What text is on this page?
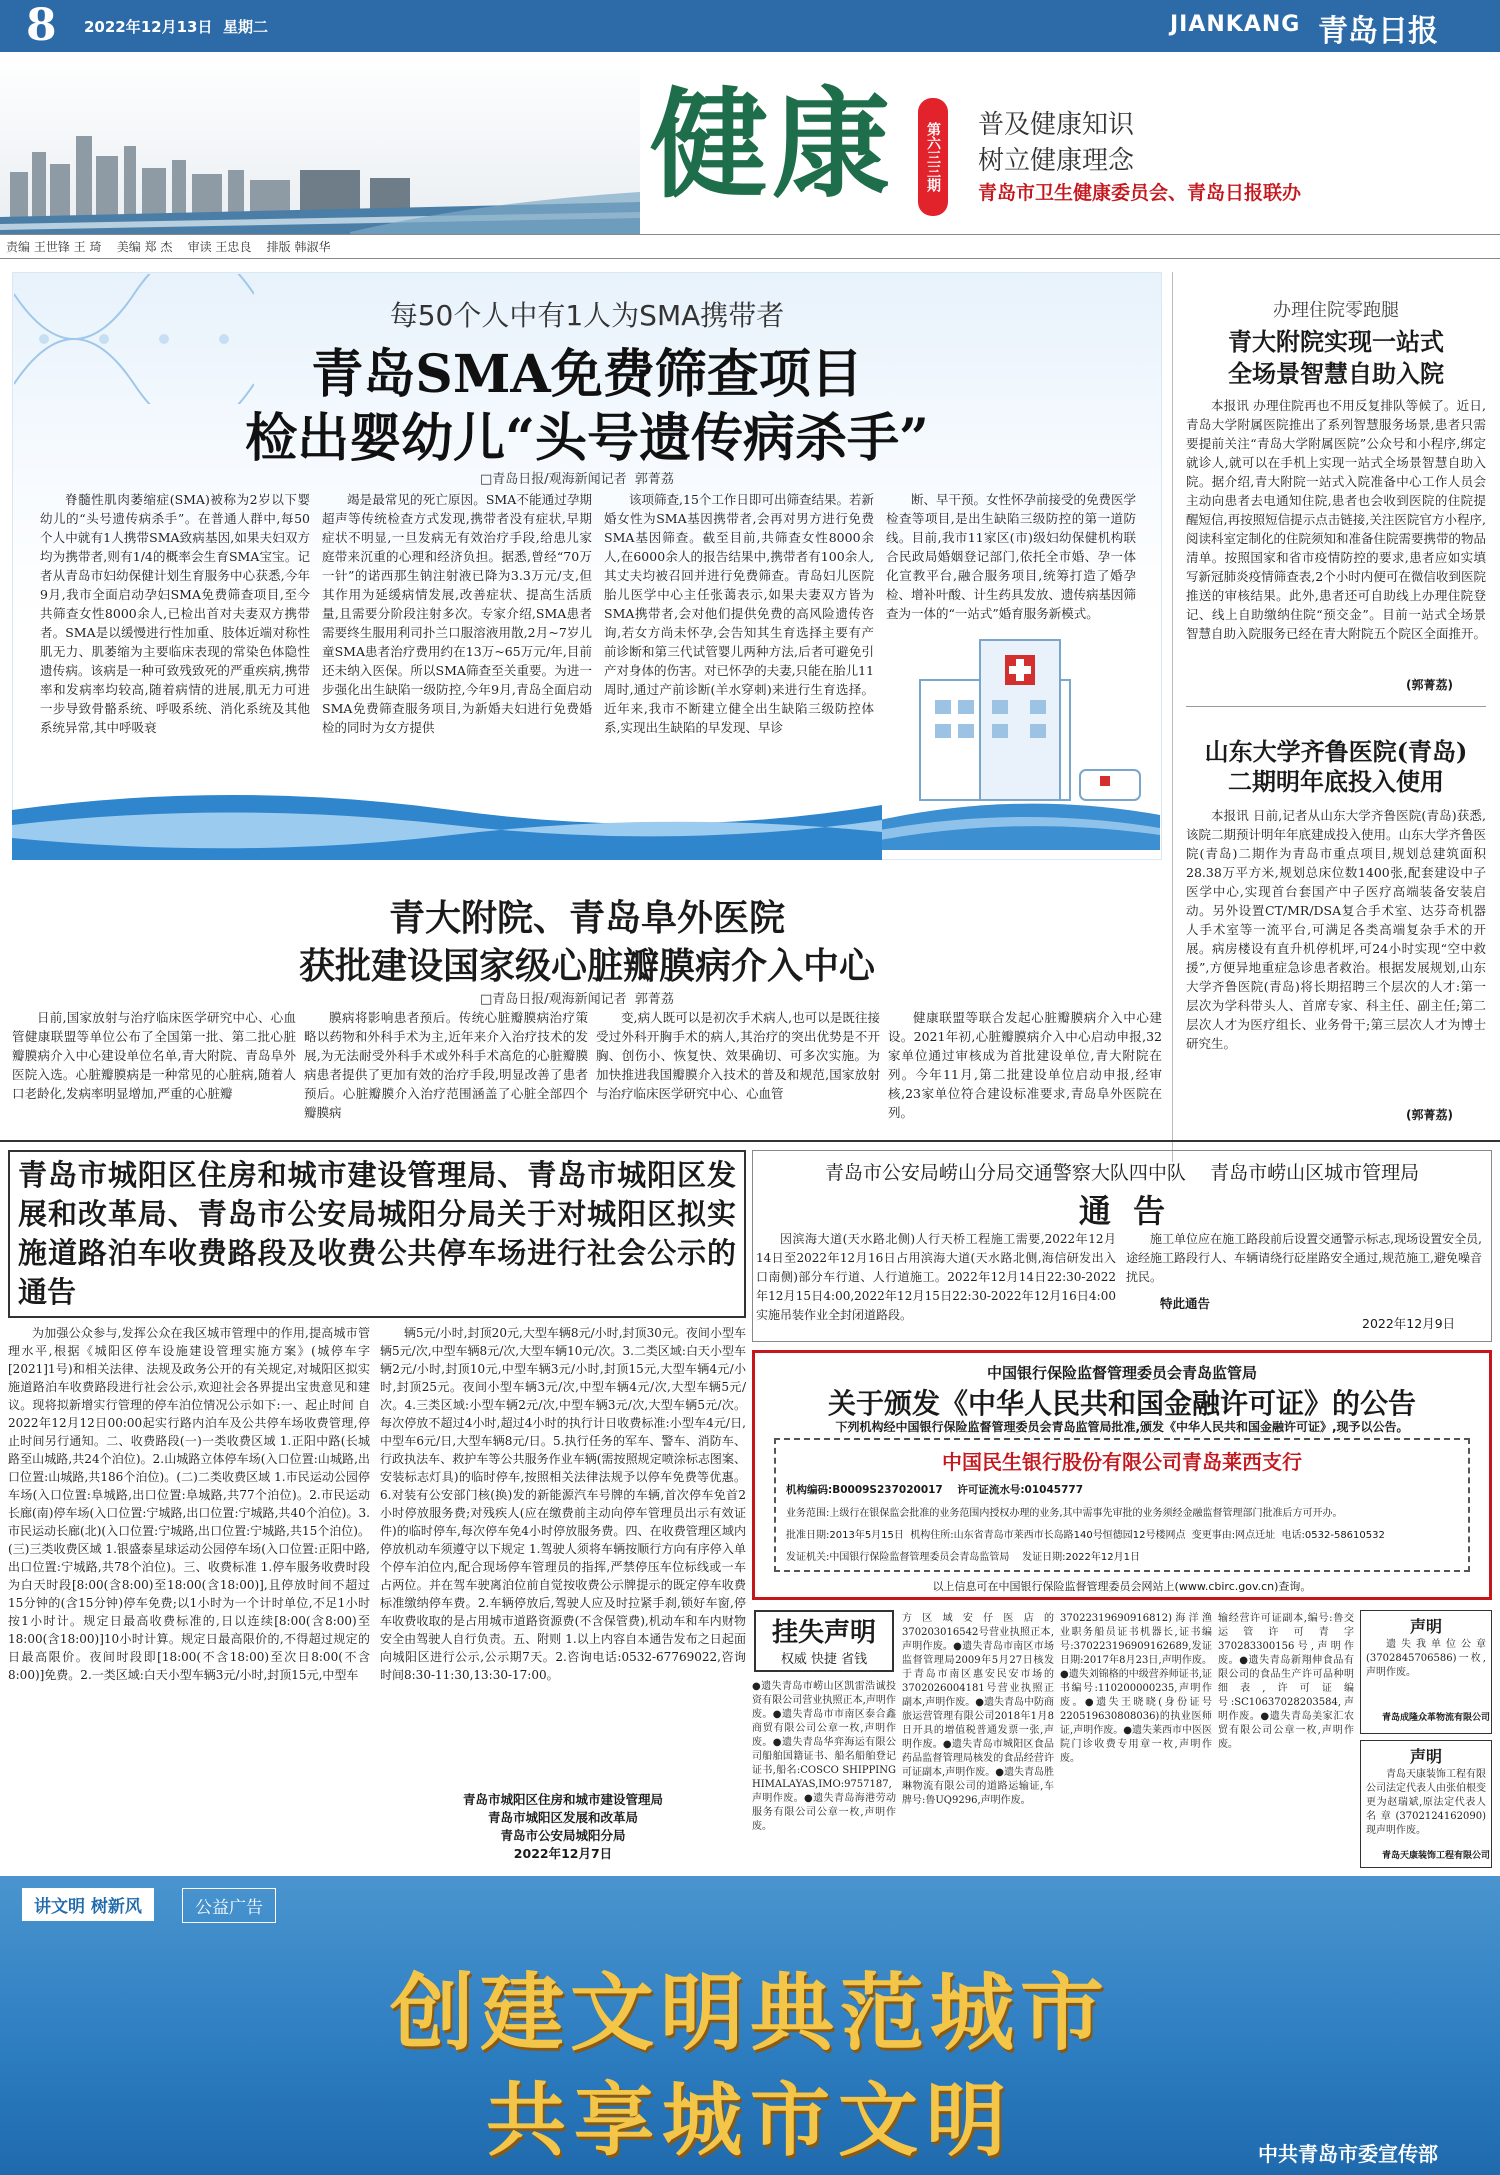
8 2022年12月13日  星期二	JIANKANG 青岛日报
健康	第六三三期 普及健康知识
树立健康理念
青岛市卫生健康委员会、青岛日报联办
责编 王世锋 王 琦    美编 郑 杰    审读 王忠良    排版 韩淑华
每50个人中有1人为SMA携带者
青岛SMA免费筛查项目
检出婴幼儿“头号遗传病杀手”
□青岛日报/观海新闻记者  郭菁荔

脊髓性肌肉萎缩症(SMA)被称为2岁以下婴幼儿的“头号遗传病杀手”。在普通人群中,每50个人中就有1人携带SMA致病基因,如果夫妇双方均为携带者,则有1/4的概率会生育SMA宝宝。记者从青岛市妇幼保健计划生育服务中心获悉,今年9月,我市全面启动孕妇SMA免费筛查项目,至今共筛查女性8000余人,已检出首对夫妻双方携带者。SMA是以缓慢进行性加重、肢体近端对称性肌无力、肌萎缩为主要临床表现的常染色体隐性遗传病。该病是一种可致残致死的严重疾病,携带率和发病率均较高,随着病情的进展,肌无力可进一步导致骨骼系统、呼吸系统、消化系统及其他系统异常,其中呼吸衰

竭是最常见的死亡原因。SMA不能通过孕期超声等传统检查方式发现,携带者没有症状,早期症状不明显,一旦发病无有效治疗手段,给患儿家庭带来沉重的心理和经济负担。据悉,曾经“70万一针”的诺西那生钠注射液已降为3.3万元/支,但其作用为延缓病情发展,改善症状、提高生活质量,且需要分阶段注射多次。专家介绍,SMA患者需要终生服用利司扑兰口服溶液用散,2月~7岁儿童SMA患者治疗费用约在13万~65万元/年,目前还未纳入医保。所以SMA筛查至关重要。为进一步强化出生缺陷一级防控,今年9月,青岛全面启动SMA免费筛查服务项目,为新婚夫妇进行免费婚检的同时为女方提供

该项筛查,15个工作日即可出筛查结果。若新婚女性为SMA基因携带者,会再对男方进行免费SMA基因筛查。截至目前,共筛查女性8000余人,在6000余人的报告结果中,携带者有100余人,其丈夫均被召回并进行免费筛查。青岛妇儿医院胎儿医学中心主任张蔼表示,如果夫妻双方皆为SMA携带者,会对他们提供免费的高风险遗传咨询,若女方尚未怀孕,会告知其生育选择主要有产前诊断和第三代试管婴儿两种方法,后者可避免引产对身体的伤害。对已怀孕的夫妻,只能在胎儿11周时,通过产前诊断(羊水穿刺)来进行生育选择。近年来,我市不断建立健全出生缺陷三级防控体系,实现出生缺陷的早发现、早诊

断、早干预。女性怀孕前接受的免费医学检查等项目,是出生缺陷三级防控的第一道防线。目前,我市11家区(市)级妇幼保健机构联合民政局婚姻登记部门,依托全市婚、孕一体化宣教平台,融合服务项目,统筹打造了婚孕检、增补叶酸、计生药具发放、遗传病基因筛查为一体的“一站式”婚育服务新模式。

青大附院、青岛阜外医院
获批建设国家级心脏瓣膜病介入中心
□青岛日报/观海新闻记者  郭菁荔

日前,国家放射与治疗临床医学研究中心、心血管健康联盟等单位公布了全国第一批、第二批心脏瓣膜病介入中心建设单位名单,青大附院、青岛阜外医院入选。心脏瓣膜病是一种常见的心脏病,随着人口老龄化,发病率明显增加,严重的心脏瓣

膜病将影响患者预后。传统心脏瓣膜病治疗策略以药物和外科手术为主,近年来介入治疗技术的发展,为无法耐受外科手术或外科手术高危的心脏瓣膜病患者提供了更加有效的治疗手段,明显改善了患者预后。心脏瓣膜介入治疗范围涵盖了心脏全部四个瓣膜病

变,病人既可以是初次手术病人,也可以是既往接受过外科开胸手术的病人,其治疗的突出优势是不开胸、创伤小、恢复快、效果确切、可多次实施。为加快推进我国瓣膜介入技术的普及和规范,国家放射与治疗临床医学研究中心、心血管

健康联盟等联合发起心脏瓣膜病介入中心建设。2021年初,心脏瓣膜病介入中心启动申报,32家单位通过审核成为首批建设单位,青大附院在列。今年11月,第二批建设单位启动申报,经审核,23家单位符合建设标准要求,青岛阜外医院在列。

办理住院零跑腿
青大附院实现一站式
全场景智慧自助入院

本报讯 办理住院再也不用反复排队等候了。近日,青岛大学附属医院推出了系列智慧服务场景,患者只需要提前关注“青岛大学附属医院”公众号和小程序,绑定就诊人,就可以在手机上实现一站式全场景智慧自助入院。据介绍,青大附院一站式入院准备中心工作人员会主动向患者去电通知住院,患者也会收到医院的住院提醒短信,再按照短信提示点击链接,关注医院官方小程序,阅读科室定制化的住院须知和准备住院需要携带的物品清单。按照国家和省市疫情防控的要求,患者应如实填写新冠肺炎疫情筛查表,2个小时内便可在微信收到医院推送的审核结果。此外,患者还可自助线上办理住院登记、线上自助缴纳住院“预交金”。目前一站式全场景智慧自助入院服务已经在青大附院五个院区全面推开。

(郭菁荔)
山东大学齐鲁医院(青岛)
二期明年底投入使用

本报讯 日前,记者从山东大学齐鲁医院(青岛)获悉,该院二期预计明年年底建成投入使用。山东大学齐鲁医院(青岛)二期作为青岛市重点项目,规划总建筑面积28.38万平方米,规划总床位数1400张,配套建设中子医学中心,实现首台套国产中子医疗高端装备安装启动。另外设置CT/MR/DSA复合手术室、达芬奇机器人手术室等一流平台,可满足各类高端复杂手术的开展。病房楼设有直升机停机坪,可24小时实现“空中救援”,方便异地重症急诊患者救治。根据发展规划,山东大学齐鲁医院(青岛)将长期招聘三个层次的人才:第一层次为学科带头人、首席专家、科主任、副主任;第二层次人才为医疗组长、业务骨干;第三层次人才为博士研究生。

(郭菁荔)
青岛市城阳区住房和城市建设管理局、青岛市城阳区发展和改革局、青岛市公安局城阳分局关于对城阳区拟实施道路泊车收费路段及收费公共停车场进行社会公示的通告

为加强公众参与,发挥公众在我区城市管理中的作用,提高城市管理水平,根据《城阳区停车设施建设管理实施方案》(城停车字[2021]1号)和相关法律、法规及政务公开的有关规定,对城阳区拟实施道路泊车收费路段进行社会公示,欢迎社会各界提出宝贵意见和建议。现将拟新增实行管理的停车泊位情况公示如下:一、起止时间 自2022年12月12日00:00起实行路内泊车及公共停车场收费管理,停止时间另行通知。二、收费路段(一)一类收费区域 1.正阳中路(长城路至山城路,共24个泊位)。2.山城路立体停车场(入口位置:山城路,出口位置:山城路,共186个泊位)。(二)二类收费区域 1.市民运动公园停车场(入口位置:阜城路,出口位置:阜城路,共77个泊位)。2.市民运动长廊(南)停车场(入口位置:宁城路,出口位置:宁城路,共40个泊位)。3.市民运动长廊(北)(入口位置:宁城路,出口位置:宁城路,共15个泊位)。(三)三类收费区域 1.银盛泰星球运动公园停车场(入口位置:正阳中路,出口位置:宁城路,共78个泊位)。三、收费标准 1.停车服务收费时段为白天时段[8:00(含8:00)至18:00(含18:00)],且停放时间不超过15分钟的(含15分钟)停车免费;以1小时为一个计时单位,不足1小时按1小时计。规定日最高收费标准的,日以连续[8:00(含8:00)至18:00(含18:00)]10小时计算。规定日最高限价的,不得超过规定的日最高限价。夜间时段即[18:00(不含18:00)至次日8:00(不含8:00)]免费。2.一类区域:白天小型车辆3元/小时,封顶15元,中型车

辆5元/小时,封顶20元,大型车辆8元/小时,封顶30元。夜间小型车辆5元/次,中型车辆8元/次,大型车辆10元/次。3.二类区域:白天小型车辆2元/小时,封顶10元,中型车辆3元/小时,封顶15元,大型车辆4元/小时,封顶25元。夜间小型车辆3元/次,中型车辆4元/次,大型车辆5元/次。4.三类区域:小型车辆2元/次,中型车辆3元/次,大型车辆5元/次。每次停放不超过4小时,超过4小时的执行计日收费标准:小型车4元/日,中型车6元/日,大型车辆8元/日。5.执行任务的军车、警车、消防车、行政执法车、救护车等公共服务作业车辆(需按照规定喷涂标志图案、安装标志灯具)的临时停车,按照相关法律法规予以停车免费等优惠。6.对装有公安部门核(换)发的新能源汽车号牌的车辆,首次停车免首2小时停放服务费;对残疾人(应在缴费前主动向停车管理员出示有效证件)的临时停车,每次停车免4小时停放服务费。四、在收费管理区域内停放机动车须遵守以下规定 1.驾驶人须将车辆按顺行方向有序停入单个停车泊位内,配合现场停车管理员的指挥,严禁停压车位标线或一车占两位。并在驾车驶离泊位前自觉按收费公示牌提示的既定停车收费标准缴纳停车费。2.车辆停放后,驾驶人应及时拉紧手刹,锁好车窗,停车收费收取的是占用城市道路资源费(不含保管费),机动车和车内财物安全由驾驶人自行负责。五、附则 1.以上内容自本通告发布之日起面向城阳区进行公示,公示期7天。2.咨询电话:0532-67769022,咨询时间8:30-11:30,13:30-17:00。

青岛市城阳区住房和城市建设管理局
青岛市城阳区发展和改革局
青岛市公安局城阳分局
2022年12月7日
青岛市公安局崂山分局交通警察大队四中队    青岛市崂山区城市管理局
通  告

因滨海大道(天水路北侧)人行天桥工程施工需要,2022年12月14日至2022年12月16日占用滨海大道(天水路北侧,海信研发出入口南侧)部分车行道、人行道施工。2022年12月14日22:30-2022年12月15日4:00,2022年12月15日22:30-2022年12月16日4:00实施吊装作业全封闭道路段。

施工单位应在施工路段前后设置交通警示标志,现场设置安全员,途经施工路段行人、车辆请绕行砭崖路安全通过,规范施工,避免噪音扰民。

特此通告
2022年12月9日
中国银行保险监督管理委员会青岛监管局
关于颁发《中华人民共和国金融许可证》的公告
下列机构经中国银行保险监督管理委员会青岛监管局批准,颁发《中华人民共和国金融许可证》,现予以公告。
中国民生银行股份有限公司青岛莱西支行
机构编码:B0009S237020017    许可证流水号:01045777
业务范围:上级行在银保监会批准的业务范围内授权办理的业务,其中需事先审批的业务须经金融监督管理部门批准后方可开办。
批准日期:2013年5月15日  机构住所:山东省青岛市莱西市长岛路140号恒德园12号楼网点  变更事由:网点迁址  电话:0532-58610532
发证机关:中国银行保险监督管理委员会青岛监管局    发证日期:2022年12月1日
以上信息可在中国银行保险监督管理委员会网站上(www.cbirc.gov.cn)查询。
挂失声明
权威 快捷 省钱

●遗失青岛市崂山区凯雷浩诚投资有限公司营业执照正本,声明作废。●遗失青岛市市南区泰合鑫商贸有限公司公章一枚,声明作废。●遗失青岛华弈海运有限公司船舶国籍证书、船名船舶登记证书,船名:COSCO SHIPPING HIMALAYAS,IMO:9757187,声明作废。●遗失青岛海港劳动服务有限公司公章一枚,声明作废。

方区域安仔医店的370203016542号营业执照正本,声明作废。●遗失青岛市南区市场监督管理局2009年5月27日核发于青岛市南区惠安民安市场的3702026004181号营业执照正副本,声明作废。●遗失青岛中防商旅运营管理有限公司2018年1月8日开具的增值税普通发票一张,声明作废。●遗失青岛市城阳区食品药品监督管理局核发的食品经营许可证副本,声明作废。●遗失青岛胜琳物流有限公司的道路运输证,车牌号:鲁UQ9296,声明作废。

37022319690916812)海洋渔业职务船员证书机器长,证书编号:370223196909162689,发证日期:2017年8月23日,声明作废。●遗失刘锦格的中级营养师证书,证书编号:110200000235,声明作废。●遗失王晓晓(身份证号220519630808036)的执业医师证,声明作废。●遗失莱西市中医医院门诊收费专用章一枚,声明作废。

输经营许可证副本,编号:鲁交运管许可青字370283300156号,声明作废。●遗失青岛新翔伸食品有限公司的食品生产许可品种明细表,许可证编号:SC10637028203584,声明作废。●遗失青岛美家汇农贸有限公司公章一枚,声明作废。

声明

遗失我单位公章(3702845706586)一枚,声明作废。

青岛成隆众革物流有限公司
声明

青岛天康装饰工程有限公司法定代表人由张伯根变更为赵瑞斌,原法定代表人名章(3702124162090)现声明作废。

青岛天康装饰工程有限公司
讲文明 树新风	公益广告
创建文明典范城市
共享城市文明	中共青岛市委宣传部
